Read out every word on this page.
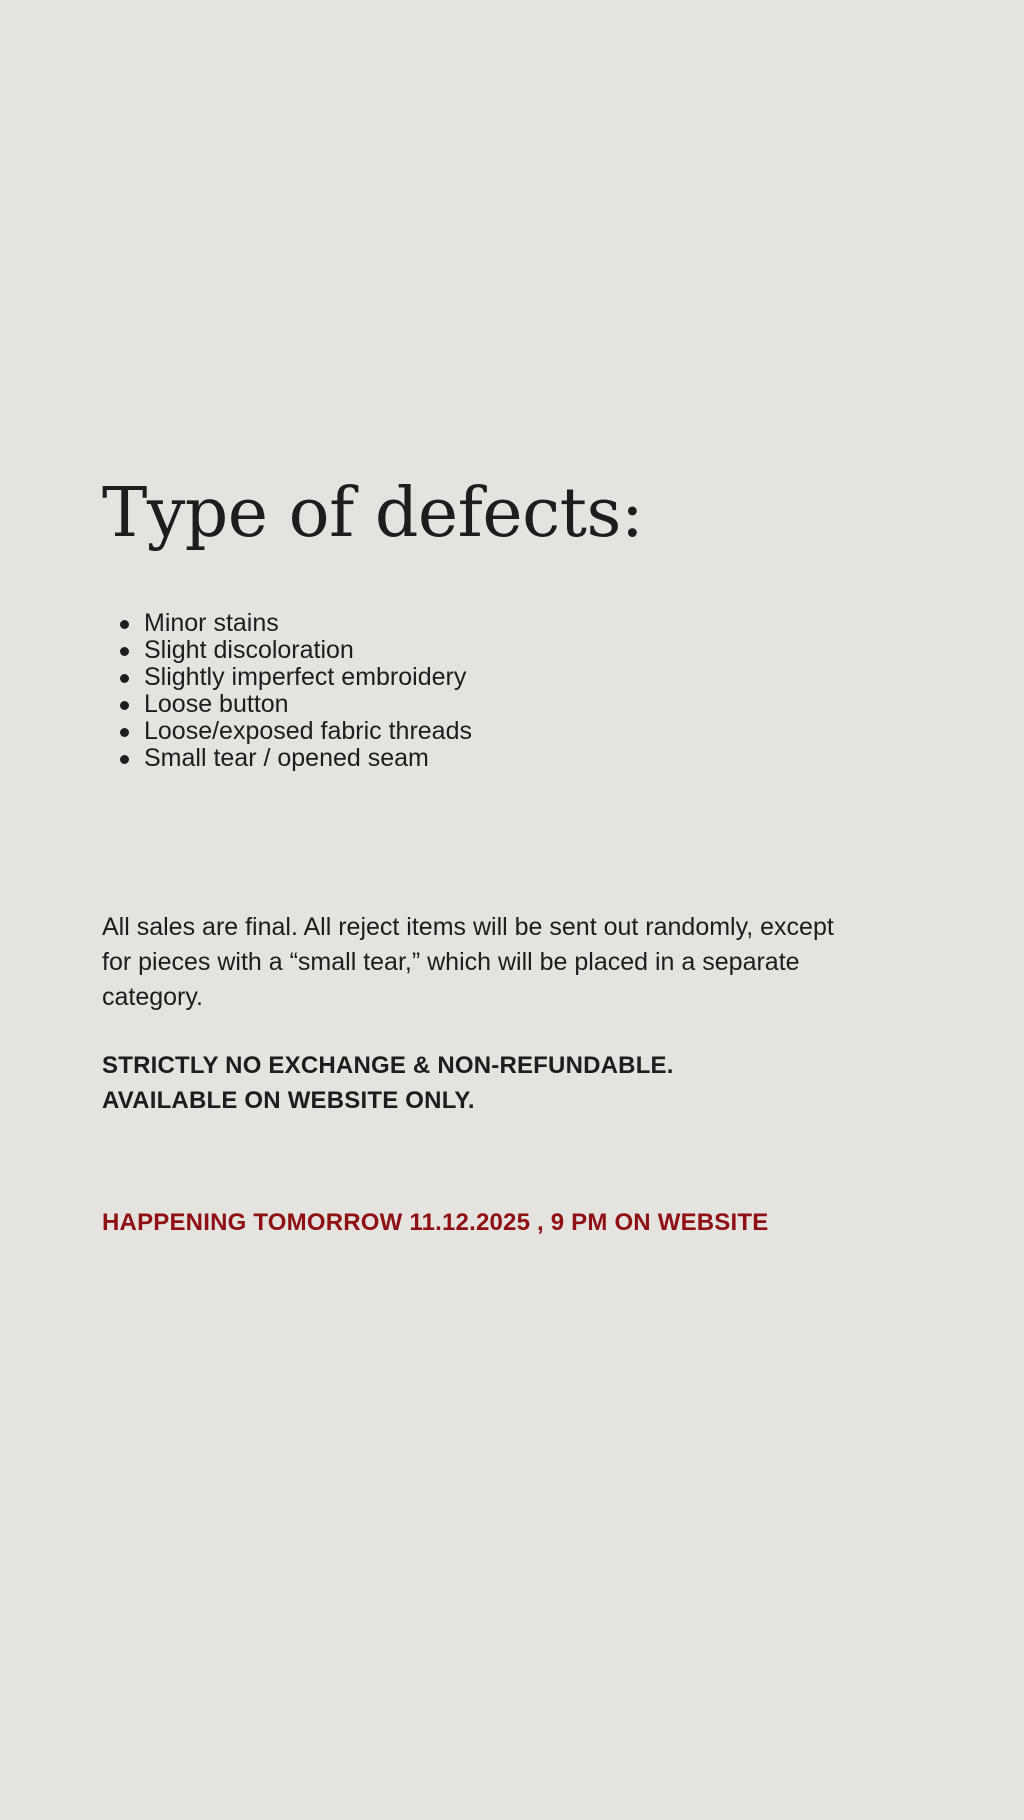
Type of defects:
Minor stains
Slight discoloration
Slightly imperfect embroidery
Loose button
Loose/exposed fabric threads
Small tear / opened seam

All sales are final. All reject items will be sent out randomly, except for pieces with a “small tear,” which will be placed in a separate category.

STRICTLY NO EXCHANGE & NON-REFUNDABLE.

AVAILABLE ON WEBSITE ONLY.

HAPPENING TOMORROW 11.12.2025 , 9 PM ON WEBSITE
